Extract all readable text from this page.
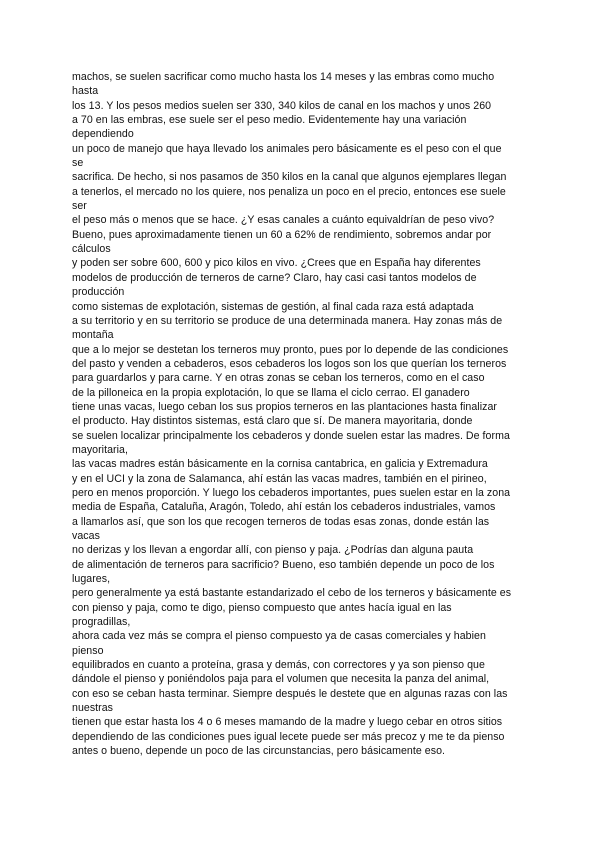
machos, se suelen sacrificar como mucho hasta los 14 meses y las embras como mucho
hasta
los 13. Y los pesos medios suelen ser 330, 340 kilos de canal en los machos y unos 260
a 70 en las embras, ese suele ser el peso medio. Evidentemente hay una variación
dependiendo
un poco de manejo que haya llevado los animales pero básicamente es el peso con el que
se
sacrifica. De hecho, si nos pasamos de 350 kilos en la canal que algunos ejemplares llegan
a tenerlos, el mercado no los quiere, nos penaliza un poco en el precio, entonces ese suele
ser
el peso más o menos que se hace. ¿Y esas canales a cuánto equivaldrían de peso vivo?
Bueno, pues aproximadamente tienen un 60 a 62% de rendimiento, sobremos andar por
cálculos
y poden ser sobre 600, 600 y pico kilos en vivo. ¿Crees que en España hay diferentes
modelos de producción de terneros de carne? Claro, hay casi casi tantos modelos de
producción
como sistemas de explotación, sistemas de gestión, al final cada raza está adaptada
a su territorio y en su territorio se produce de una determinada manera. Hay zonas más de
montaña
que a lo mejor se destetan los terneros muy pronto, pues por lo depende de las condiciones
del pasto y venden a cebaderos, esos cebaderos los logos son los que querían los terneros
para guardarlos y para carne. Y en otras zonas se ceban los terneros, como en el caso
de la pilloneica en la propia explotación, lo que se llama el ciclo cerrao. El ganadero
tiene unas vacas, luego ceban los sus propios terneros en las plantaciones hasta finalizar
el producto. Hay distintos sistemas, está claro que sí. De manera mayoritaria, donde
se suelen localizar principalmente los cebaderos y donde suelen estar las madres. De forma
mayoritaria,
las vacas madres están básicamente en la cornisa cantabrica, en galicia y Extremadura
y en el UCI y la zona de Salamanca, ahí están las vacas madres, también en el pirineo,
pero en menos proporción. Y luego los cebaderos importantes, pues suelen estar en la zona
media de España, Cataluña, Aragón, Toledo, ahí están los cebaderos industriales, vamos
a llamarlos así, que son los que recogen terneros de todas esas zonas, donde están las
vacas
no derizas y los llevan a engordar allí, con pienso y paja. ¿Podrías dan alguna pauta
de alimentación de terneros para sacrificio? Bueno, eso también depende un poco de los
lugares,
pero generalmente ya está bastante estandarizado el cebo de los terneros y básicamente es
con pienso y paja, como te digo, pienso compuesto que antes hacía igual en las
progradillas,
ahora cada vez más se compra el pienso compuesto ya de casas comerciales y habien
pienso
equilibrados en cuanto a proteína, grasa y demás, con correctores y ya son pienso que
dándole el pienso y poniéndolos paja para el volumen que necesita la panza del animal,
con eso se ceban hasta terminar. Siempre después le destete que en algunas razas con las
nuestras
tienen que estar hasta los 4 o 6 meses mamando de la madre y luego cebar en otros sitios
dependiendo de las condiciones pues igual lecete puede ser más precoz y me te da pienso
antes o bueno, depende un poco de las circunstancias, pero básicamente eso.
